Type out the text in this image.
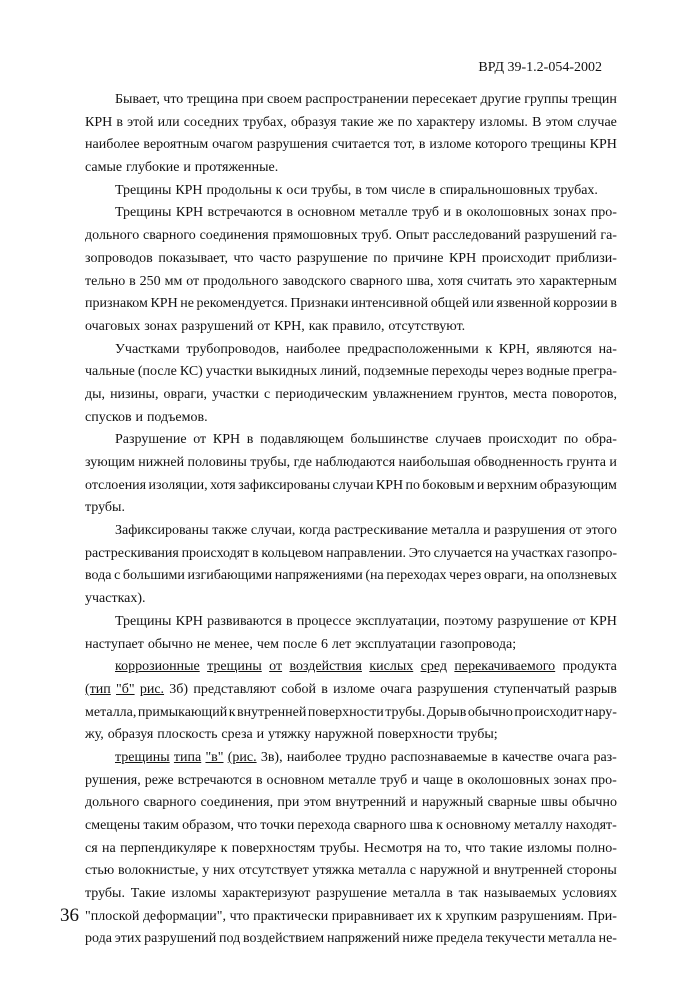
ВРД 39-1.2-054-2002
Бывает, что трещина при своем распространении пересекает другие группы трещин
КРН в этой или соседних трубах, образуя такие же по характеру изломы. В этом случае
наиболее вероятным очагом разрушения считается тот, в изломе которого трещины КРН
самые глубокие и протяженные.
Трещины КРН продольны к оси трубы, в том числе в спиральношовных трубах.
Трещины КРН встречаются в основном металле труб и в околошовных зонах про-
дольного сварного соединения прямошовных труб. Опыт расследований разрушений га-
зопроводов показывает, что часто разрушение по причине КРН происходит приблизи-
тельно в 250 мм от продольного заводского сварного шва, хотя считать это характерным
признаком КРН не рекомендуется. Признаки интенсивной общей или язвенной коррозии в
очаговых зонах разрушений от КРН, как правило, отсутствуют.
Участками трубопроводов, наиболее предрасположенными к КРН, являются на-
чальные (после КС) участки выкидных линий, подземные переходы через водные прегра-
ды, низины, овраги, участки с периодическим увлажнением грунтов, места поворотов,
спусков и подъемов.
Разрушение от КРН в подавляющем большинстве случаев происходит по обра-
зующим нижней половины трубы, где наблюдаются наибольшая обводненность грунта и
отслоения изоляции, хотя зафиксированы случаи КРН по боковым и верхним образующим
трубы.
Зафиксированы также случаи, когда растрескивание металла и разрушения от этого
растрескивания происходят в кольцевом направлении. Это случается на участках газопро-
вода с большими изгибающими напряжениями (на переходах через овраги, на оползневых
участках).
Трещины КРН развиваются в процессе эксплуатации, поэтому разрушение от КРН
наступает обычно не менее, чем после 6 лет эксплуатации газопровода;
коррозионные трещины от воздействия кислых сред перекачиваемого продукта
(тип "б" рис. 3б) представляют собой в изломе очага разрушения ступенчатый разрыв
металла, примыкающий к внутренней поверхности трубы. Дорыв обычно происходит нару-
жу, образуя плоскость среза и утяжку наружной поверхности трубы;
трещины типа "в" (рис. 3в), наиболее трудно распознаваемые в качестве очага раз-
рушения, реже встречаются в основном металле труб и чаще в околошовных зонах про-
дольного сварного соединения, при этом внутренний и наружный сварные швы обычно
смещены таким образом, что точки перехода сварного шва к основному металлу находят-
ся на перпендикуляре к поверхностям трубы. Несмотря на то, что такие изломы полно-
стью волокнистые, у них отсутствует утяжка металла с наружной и внутренней стороны
трубы. Такие изломы характеризуют разрушение металла в так называемых условиях
"плоской деформации", что практически приравнивает их к хрупким разрушениям. При-
рода этих разрушений под воздействием напряжений ниже предела текучести металла не-
36
